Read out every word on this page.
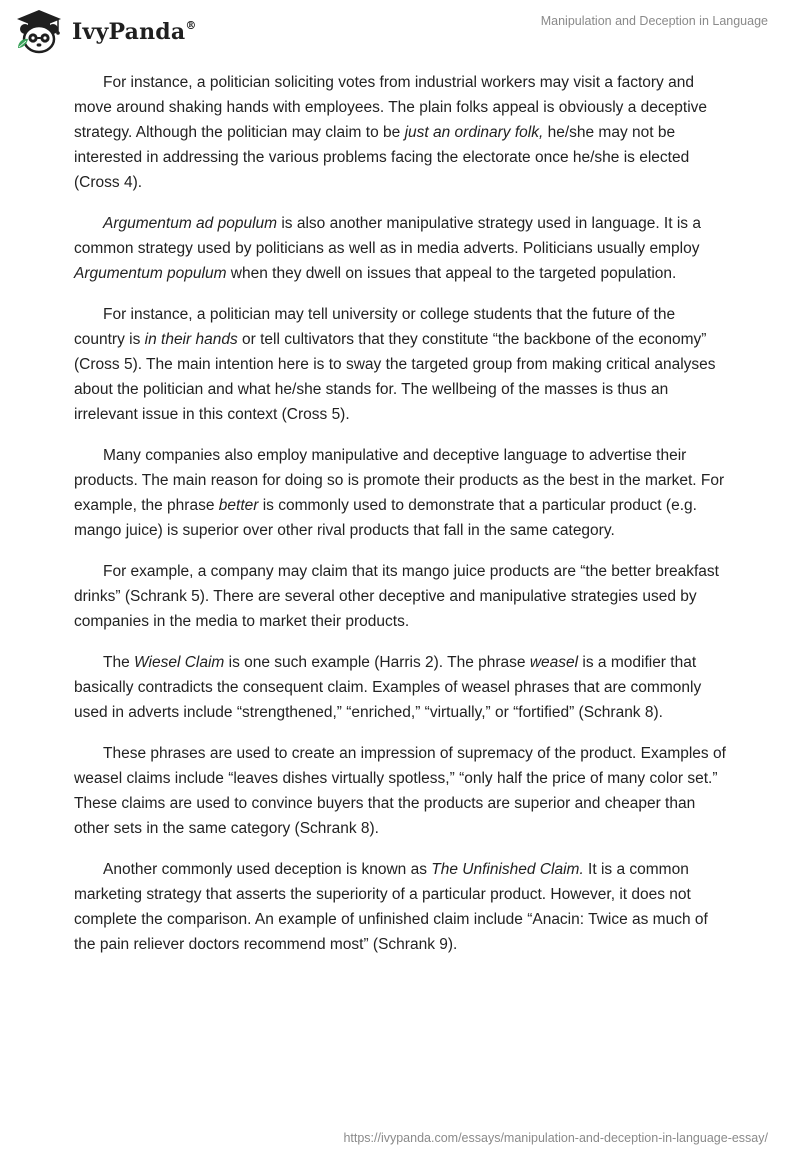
IvyPanda®	Manipulation and Deception in Language

For instance, a politician soliciting votes from industrial workers may visit a factory and move around shaking hands with employees. The plain folks appeal is obviously a deceptive strategy. Although the politician may claim to be just an ordinary folk, he/she may not be interested in addressing the various problems facing the electorate once he/she is elected (Cross 4).

Argumentum ad populum is also another manipulative strategy used in language. It is a common strategy used by politicians as well as in media adverts. Politicians usually employ Argumentum populum when they dwell on issues that appeal to the targeted population.

For instance, a politician may tell university or college students that the future of the country is in their hands or tell cultivators that they constitute “the backbone of the economy” (Cross 5). The main intention here is to sway the targeted group from making critical analyses about the politician and what he/she stands for. The wellbeing of the masses is thus an irrelevant issue in this context (Cross 5).

Many companies also employ manipulative and deceptive language to advertise their products. The main reason for doing so is promote their products as the best in the market. For example, the phrase better is commonly used to demonstrate that a particular product (e.g. mango juice) is superior over other rival products that fall in the same category.

For example, a company may claim that its mango juice products are “the better breakfast drinks” (Schrank 5). There are several other deceptive and manipulative strategies used by companies in the media to market their products.

The Wiesel Claim is one such example (Harris 2). The phrase weasel is a modifier that basically contradicts the consequent claim. Examples of weasel phrases that are commonly used in adverts include “strengthened,” “enriched,” “virtually,” or “fortified” (Schrank 8).

These phrases are used to create an impression of supremacy of the product. Examples of weasel claims include “leaves dishes virtually spotless,” “only half the price of many color set.” These claims are used to convince buyers that the products are superior and cheaper than other sets in the same category (Schrank 8).

Another commonly used deception is known as The Unfinished Claim. It is a common marketing strategy that asserts the superiority of a particular product. However, it does not complete the comparison. An example of unfinished claim include “Anacin: Twice as much of the pain reliever doctors recommend most” (Schrank 9).

https://ivypanda.com/essays/manipulation-and-deception-in-language-essay/
